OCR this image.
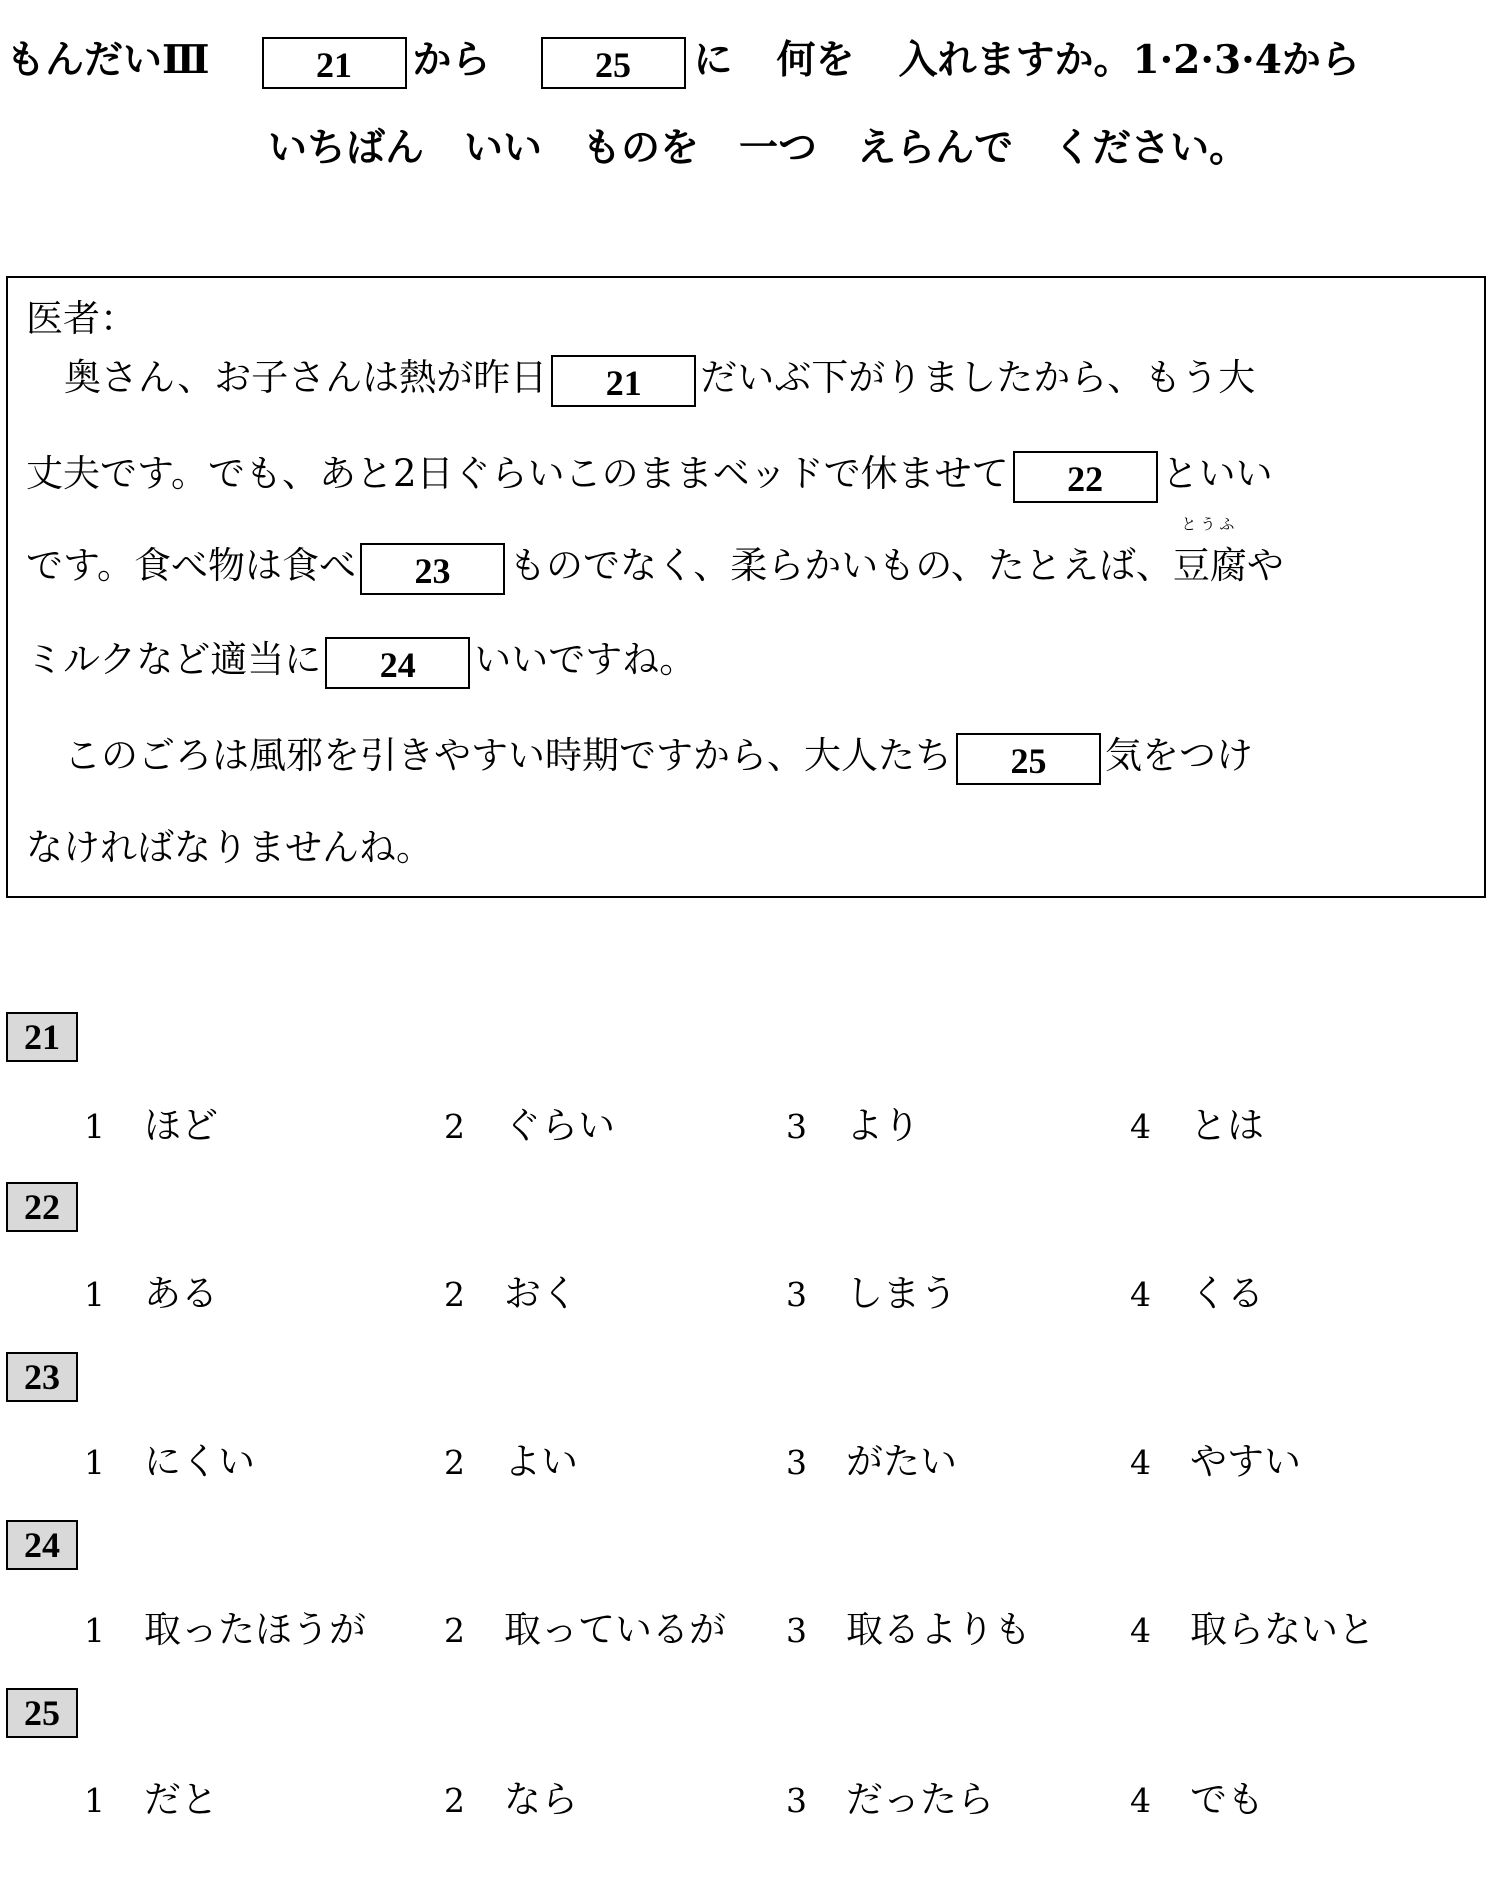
もんだいⅢ	21 から	25 に 何を 入れますか。1·2·3·4から
いちばん いい ものを 一つ えらんで ください。
医者：
奥さん、お子さんは熱が昨日 21 だいぶ下がりましたから、もう大
丈夫です。でも、あと2日ぐらいこのままベッドで休ませて 22 といい
です。食べ物は食べ 23 ものでなく、柔らかいもの、たとえば、
とうふ
豆腐や
ミルクなど適当に 24 いいですね。
このごろは風邪を引きやすい時期ですから、大人たち 25 気をつけ
なければなりませんね。
21
1 ほど	2 ぐらい	3 より	4 とは
22
1 ある	2 おく	3 しまう	4 くる
23
1 にくい	2 よい	3 がたい	4 やすい
24
1 取ったほうが 2 取っているが 3 取るよりも	4 取らないと
25
1 だと	2 なら	3 だったら	4 でも
